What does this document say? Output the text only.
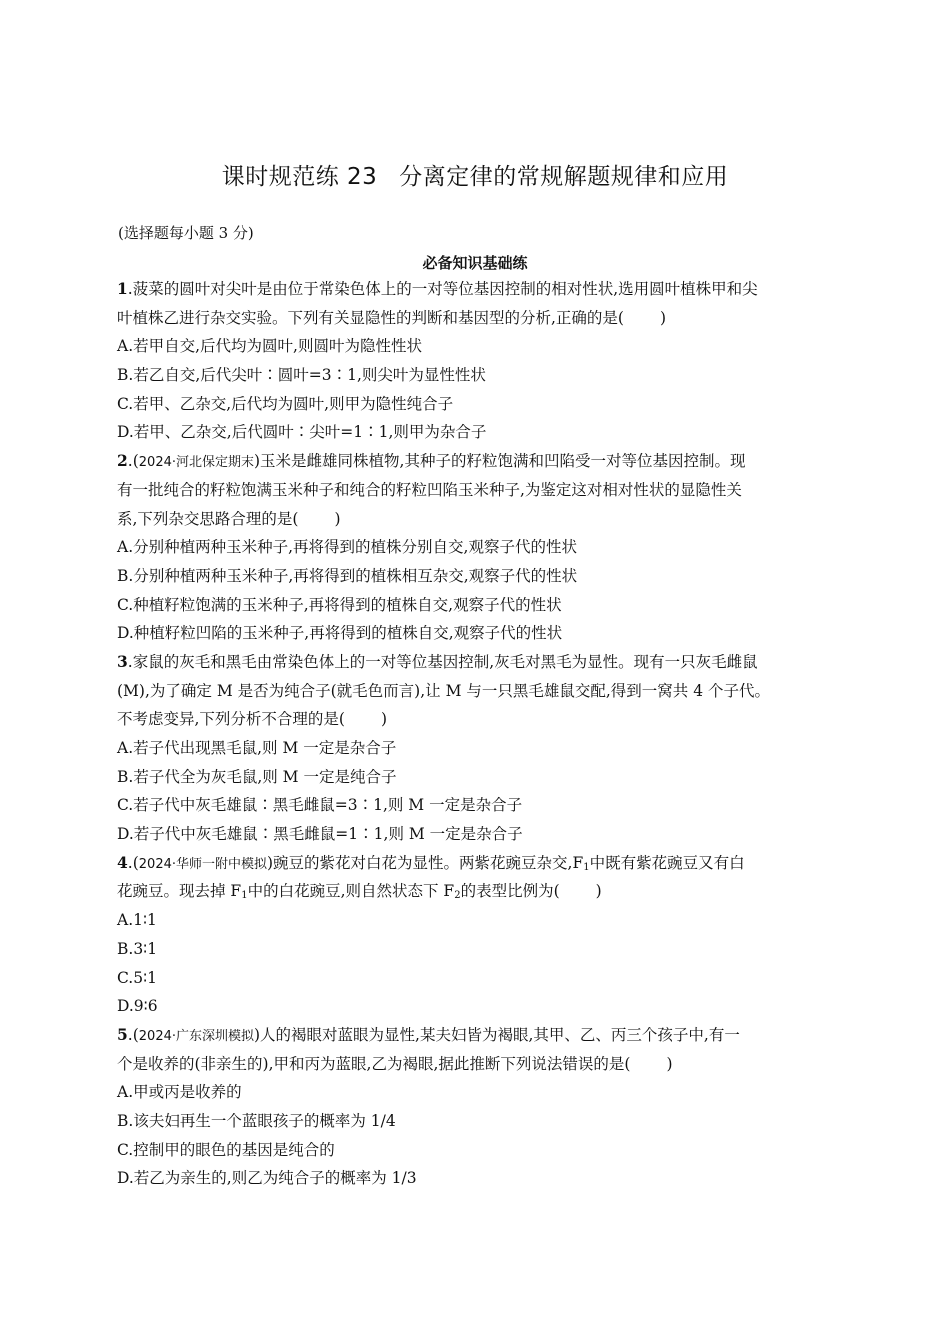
课时规范练 23 分离定律的常规解题规律和应用
(选择题每小题 3 分)
必备知识基础练
1.菠菜的圆叶对尖叶是由位于常染色体上的一对等位基因控制的相对性状,选用圆叶植株甲和尖
叶植株乙进行杂交实验。下列有关显隐性的判断和基因型的分析,正确的是( )
A.若甲自交,后代均为圆叶,则圆叶为隐性性状
B.若乙自交,后代尖叶∶圆叶=3∶1,则尖叶为显性性状
C.若甲、乙杂交,后代均为圆叶,则甲为隐性纯合子
D.若甲、乙杂交,后代圆叶∶尖叶=1∶1,则甲为杂合子
2.(2024·河北保定期末)玉米是雌雄同株植物,其种子的籽粒饱满和凹陷受一对等位基因控制。现
有一批纯合的籽粒饱满玉米种子和纯合的籽粒凹陷玉米种子,为鉴定这对相对性状的显隐性关
系,下列杂交思路合理的是( )
A.分别种植两种玉米种子,再将得到的植株分别自交,观察子代的性状
B.分别种植两种玉米种子,再将得到的植株相互杂交,观察子代的性状
C.种植籽粒饱满的玉米种子,再将得到的植株自交,观察子代的性状
D.种植籽粒凹陷的玉米种子,再将得到的植株自交,观察子代的性状
3.家鼠的灰毛和黑毛由常染色体上的一对等位基因控制,灰毛对黑毛为显性。现有一只灰毛雌鼠
(M),为了确定 M 是否为纯合子(就毛色而言),让 M 与一只黑毛雄鼠交配,得到一窝共 4 个子代。
不考虑变异,下列分析不合理的是( )
A.若子代出现黑毛鼠,则 M 一定是杂合子
B.若子代全为灰毛鼠,则 M 一定是纯合子
C.若子代中灰毛雄鼠∶黑毛雌鼠=3∶1,则 M 一定是杂合子
D.若子代中灰毛雄鼠∶黑毛雌鼠=1∶1,则 M 一定是杂合子
4.(2024·华师一附中模拟)豌豆的紫花对白花为显性。两紫花豌豆杂交$,F_1$中既有紫花豌豆又有白
花豌豆。现去掉 $F_1$中的白花豌豆,则自然状态下 $F_2$的表型比例为( )
A.1∶1
B.3∶1
C.5∶1
D.9∶6
5.(2024·广东深圳模拟)人的褐眼对蓝眼为显性,某夫妇皆为褐眼,其甲、乙、丙三个孩子中,有一
个是收养的(非亲生的),甲和丙为蓝眼,乙为褐眼,据此推断下列说法错误的是( )
A.甲或丙是收养的
B.该夫妇再生一个蓝眼孩子的概率为 1/4
C.控制甲的眼色的基因是纯合的
D.若乙为亲生的,则乙为纯合子的概率为 1/3
